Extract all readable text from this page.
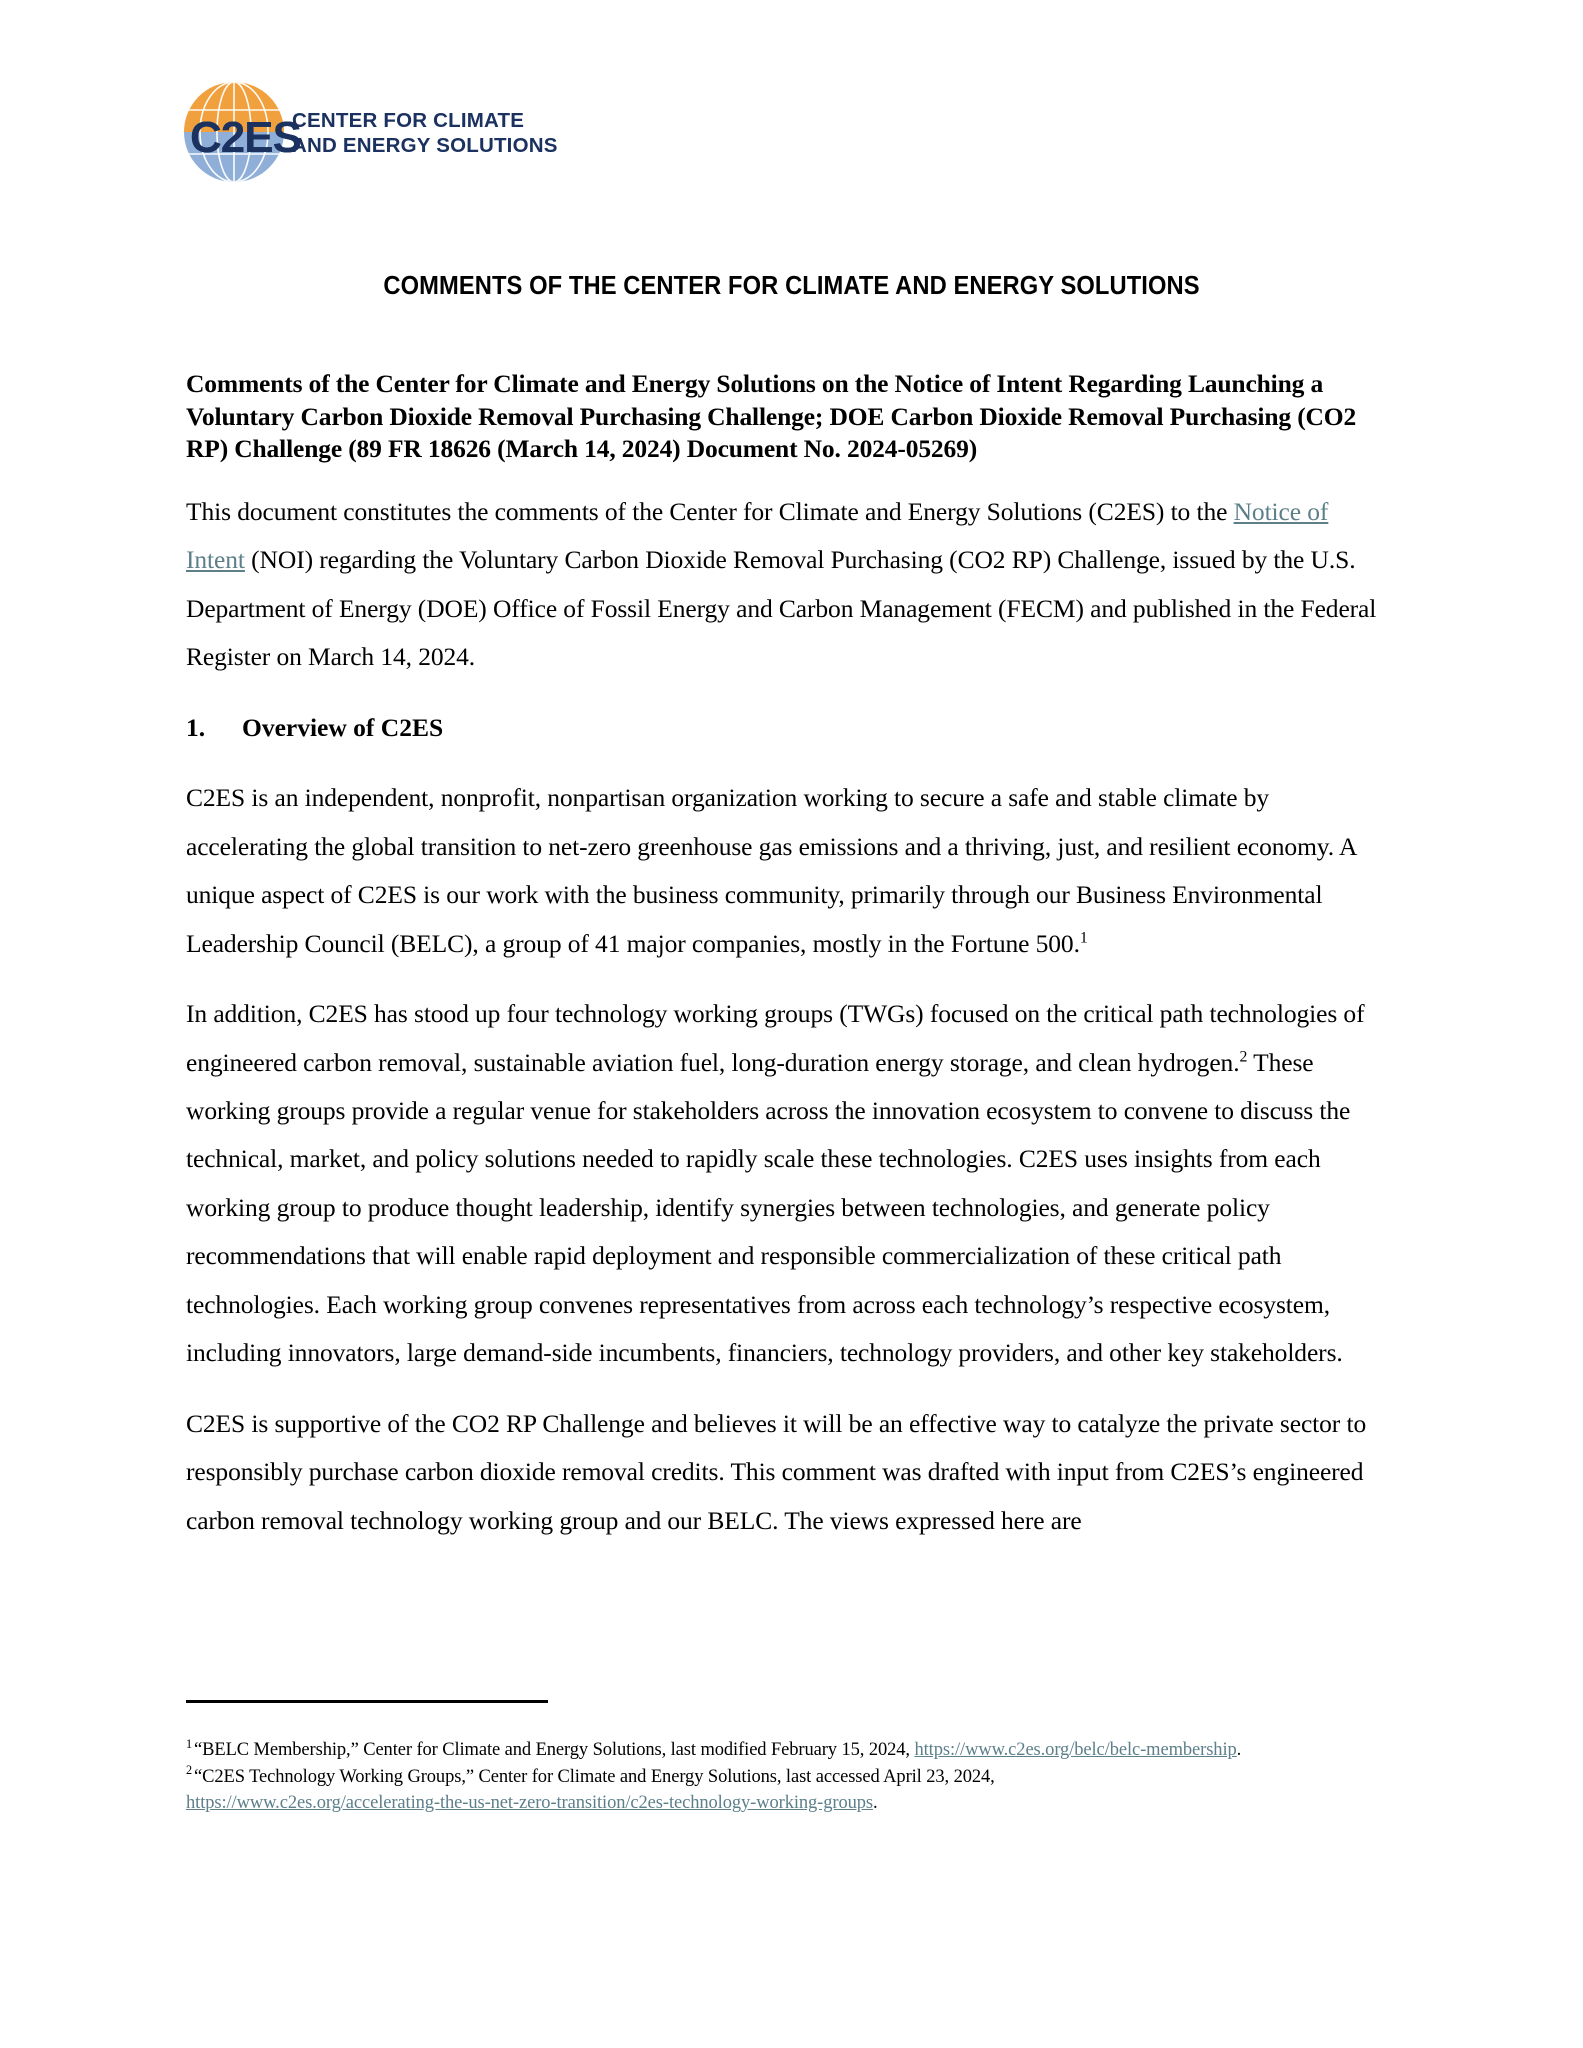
C2ES
CENTER FOR CLIMATE
AND ENERGY SOLUTIONS
COMMENTS OF THE CENTER FOR CLIMATE AND ENERGY SOLUTIONS
Comments of the Center for Climate and Energy Solutions on the Notice of Intent Regarding Launching a Voluntary Carbon Dioxide Removal Purchasing Challenge; DOE Carbon Dioxide Removal Purchasing (CO2 RP) Challenge (89 FR 18626 (March 14, 2024) Document No. 2024-05269)

This document constitutes the comments of the Center for Climate and Energy Solutions (C2ES) to the Notice of Intent (NOI) regarding the Voluntary Carbon Dioxide Removal Purchasing (CO2 RP) Challenge, issued by the U.S. Department of Energy (DOE) Office of Fossil Energy and Carbon Management (FECM) and published in the Federal Register on March 14, 2024.

1.	Overview of C2ES

C2ES is an independent, nonprofit, nonpartisan organization working to secure a safe and stable climate by accelerating the global transition to net-zero greenhouse gas emissions and a thriving, just, and resilient economy. A unique aspect of C2ES is our work with the business community, primarily through our Business Environmental Leadership Council (BELC), a group of 41 major companies, mostly in the Fortune 500.$^1$

In addition, C2ES has stood up four technology working groups (TWGs) focused on the critical path technologies of engineered carbon removal, sustainable aviation fuel, long-duration energy storage, and clean hydrogen.$^2$ These working groups provide a regular venue for stakeholders across the innovation ecosystem to convene to discuss the technical, market, and policy solutions needed to rapidly scale these technologies. C2ES uses insights from each working group to produce thought leadership, identify synergies between technologies, and generate policy recommendations that will enable rapid deployment and responsible commercialization of these critical path technologies. Each working group convenes representatives from across each technology’s respective ecosystem, including innovators, large demand-side incumbents, financiers, technology providers, and other key stakeholders.

C2ES is supportive of the CO2 RP Challenge and believes it will be an effective way to catalyze the private sector to responsibly purchase carbon dioxide removal credits. This comment was drafted with input from C2ES’s engineered carbon removal technology working group and our BELC. The views expressed here are

$^1$ “BELC Membership,” Center for Climate and Energy Solutions, last modified February 15, 2024, https://www.c2es.org/belc/belc-membership.

$^2$ “C2ES Technology Working Groups,” Center for Climate and Energy Solutions, last accessed April 23, 2024,
https://www.c2es.org/accelerating-the-us-net-zero-transition/c2es-technology-working-groups.
